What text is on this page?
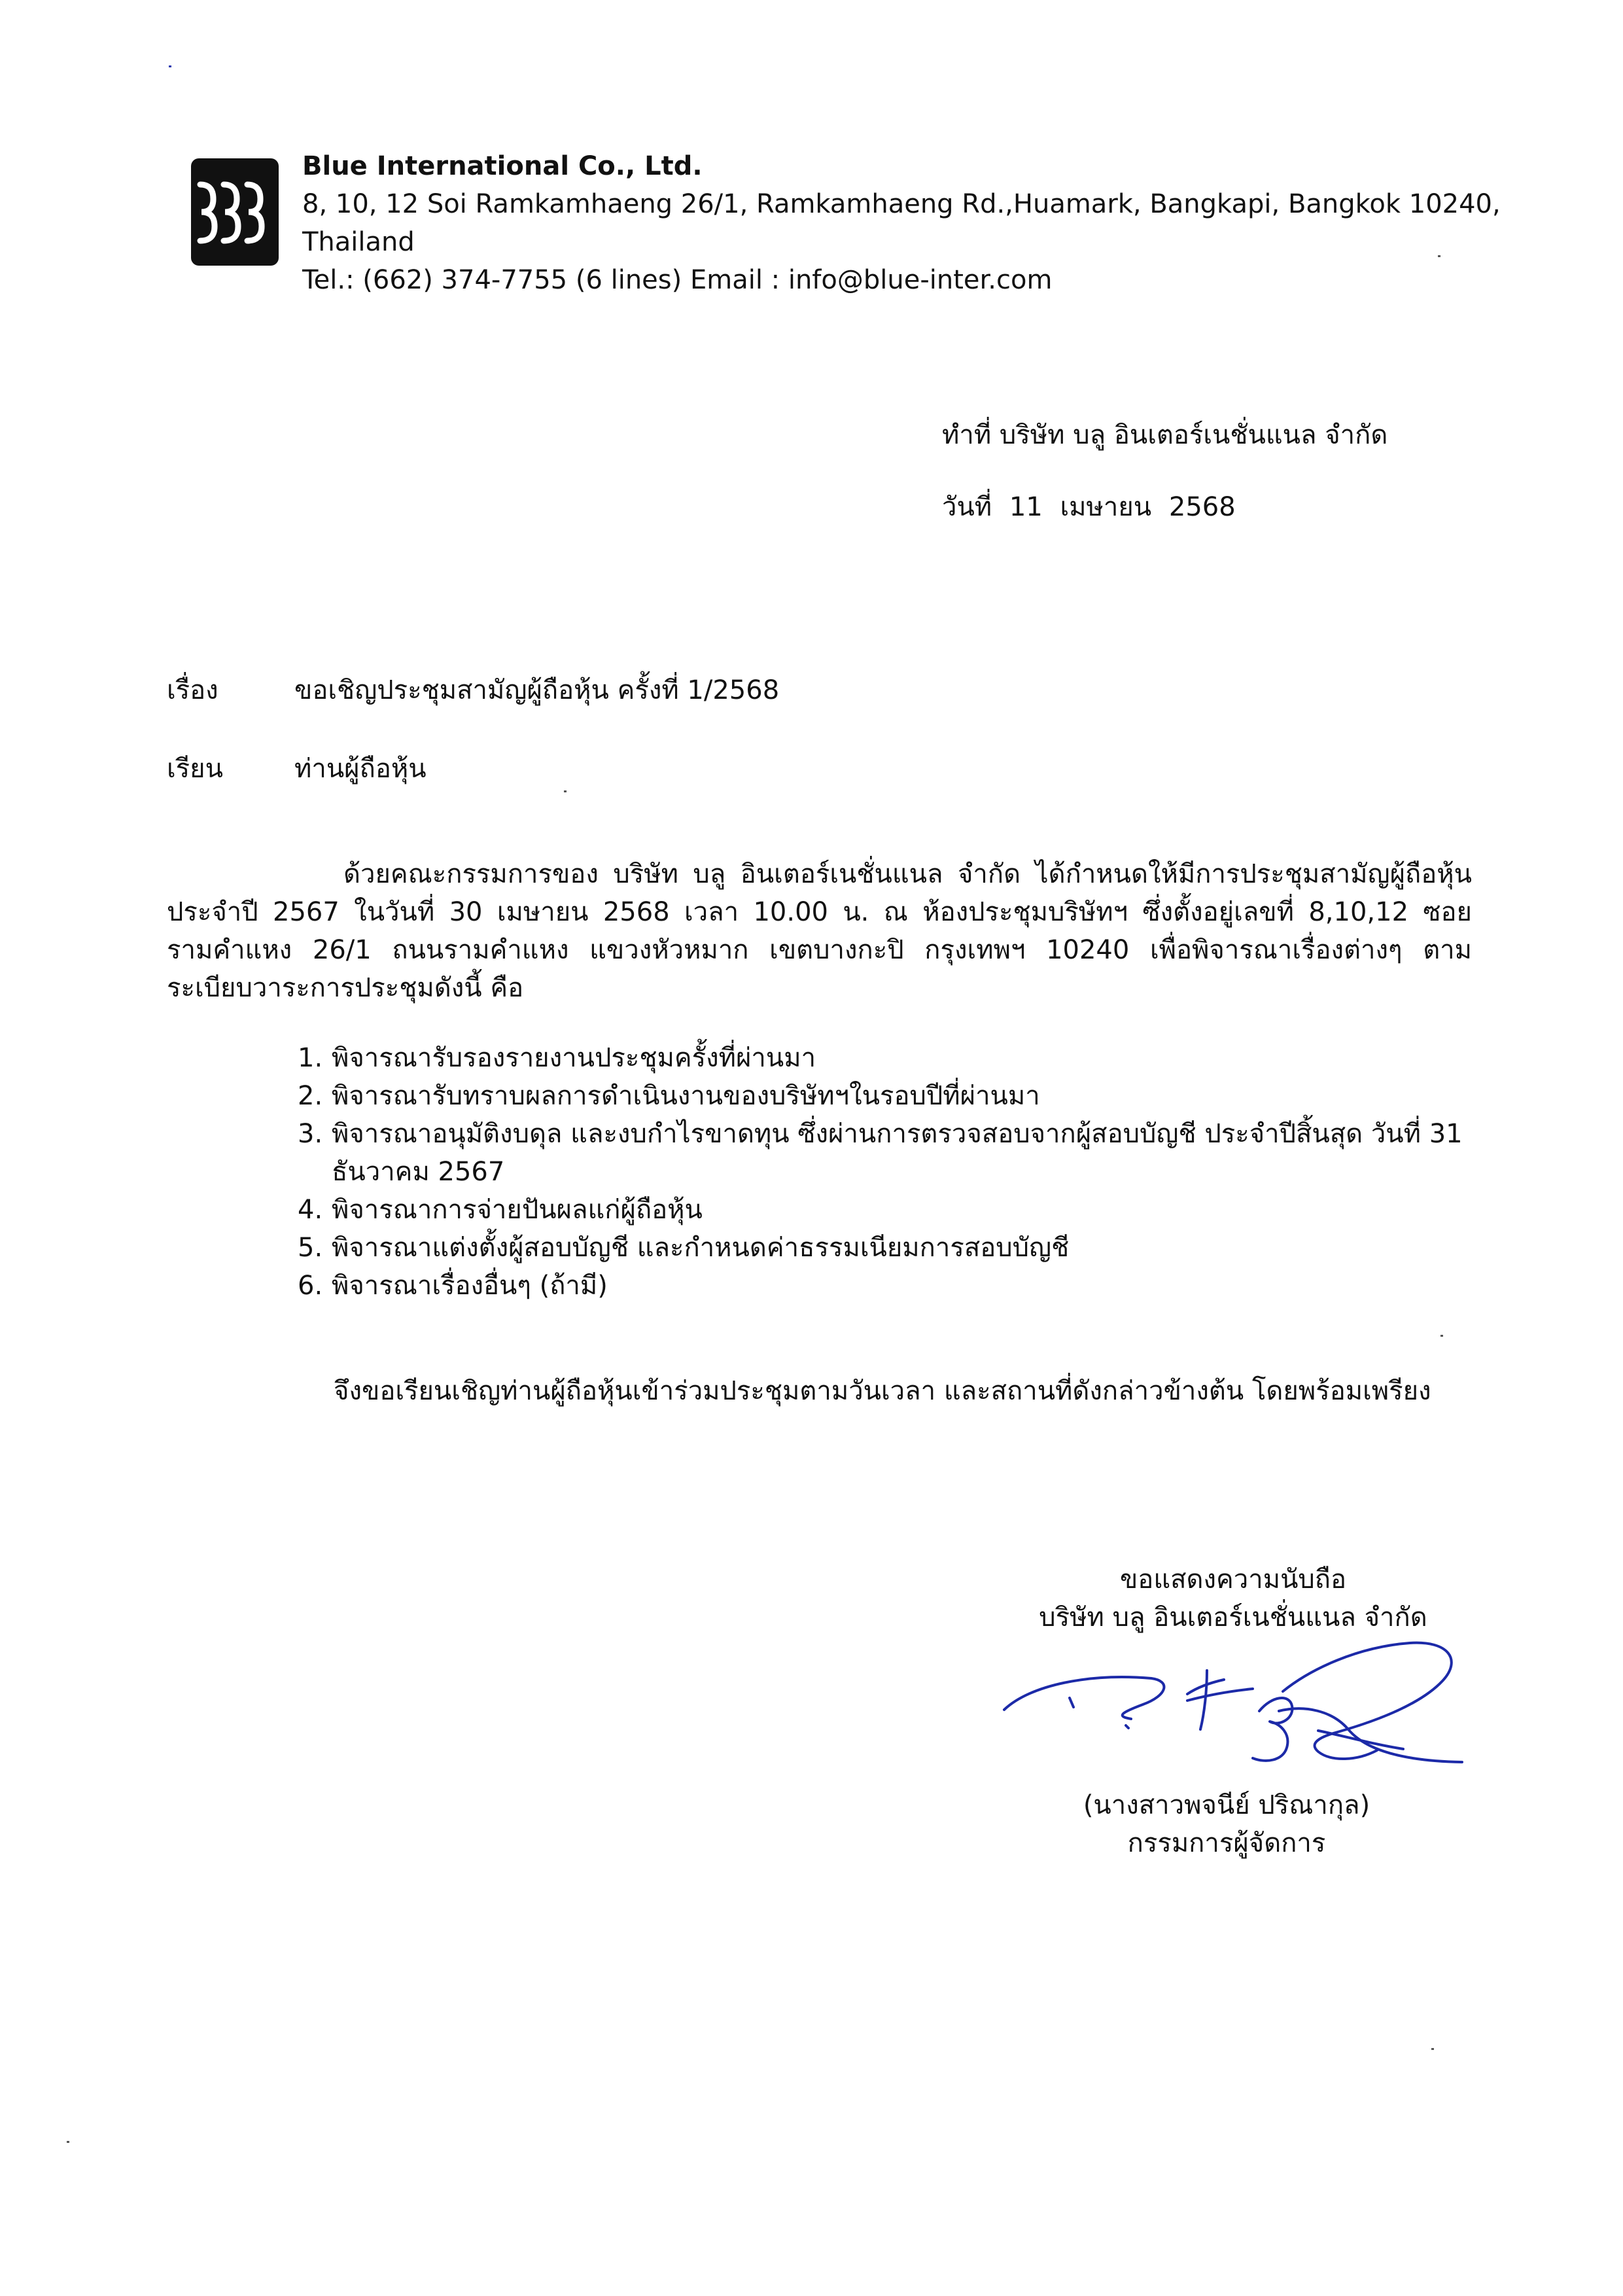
Blue International Co., Ltd.
8, 10, 12 Soi Ramkamhaeng 26/1, Ramkamhaeng Rd.,Huamark, Bangkapi, Bangkok 10240, Thailand
Tel.: (662) 374-7755 (6 lines) Email : info@blue-inter.com
ทำที่ บริษัท บลู อินเตอร์เนชั่นแนล จำกัด
วันที่ 11 เมษายน 2568
เรื่อง	ขอเชิญประชุมสามัญผู้ถือหุ้น ครั้งที่ 1/2568
เรียน	ท่านผู้ถือหุ้น
ด้วยคณะกรรมการของ บริษัท บลู อินเตอร์เนชั่นแนล จำกัด ได้กำหนดให้มีการประชุมสามัญผู้ถือหุ้นประจำปี 2567 ในวันที่ 30 เมษายน 2568 เวลา 10.00 น. ณ ห้องประชุมบริษัทฯ ซึ่งตั้งอยู่เลขที่ 8,10,12 ซอยรามคำแหง 26/1 ถนนรามคำแหง แขวงหัวหมาก เขตบางกะปิ กรุงเทพฯ 10240 เพื่อพิจารณาเรื่องต่างๆ ตามระเบียบวาระการประชุมดังนี้ คือ
1. พิจารณารับรองรายงานประชุมครั้งที่ผ่านมา
2. พิจารณารับทราบผลการดำเนินงานของบริษัทฯในรอบปีที่ผ่านมา
3. พิจารณาอนุมัติงบดุล และงบกำไรขาดทุน ซึ่งผ่านการตรวจสอบจากผู้สอบบัญชี ประจำปีสิ้นสุด วันที่ 31 ธันวาคม 2567
4. พิจารณาการจ่ายปันผลแก่ผู้ถือหุ้น
5. พิจารณาแต่งตั้งผู้สอบบัญชี และกำหนดค่าธรรมเนียมการสอบบัญชี
6. พิจารณาเรื่องอื่นๆ (ถ้ามี)
จึงขอเรียนเชิญท่านผู้ถือหุ้นเข้าร่วมประชุมตามวันเวลา และสถานที่ดังกล่าวข้างต้น โดยพร้อมเพรียง
ขอแสดงความนับถือ
บริษัท บลู อินเตอร์เนชั่นแนล จำกัด
(นางสาวพจนีย์ ปริณากุล)
กรรมการผู้จัดการ
